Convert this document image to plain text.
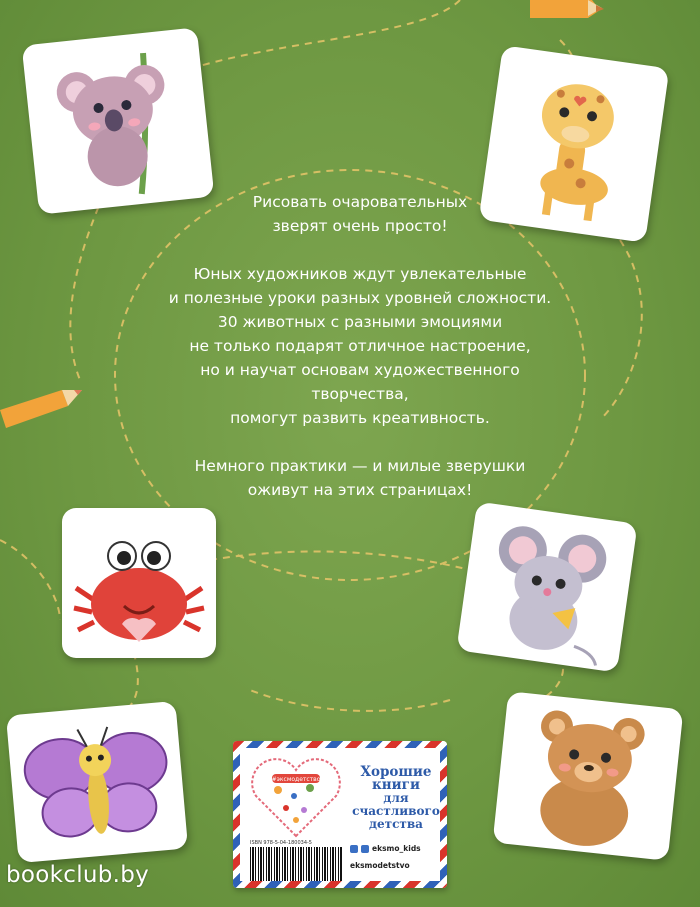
Рисовать очаровательных
зверят очень просто!

Юных художников ждут увлекательные
и полезные уроки разных уровней сложности.
30 животных с разными эмоциями
не только подарят отличное настроение,
но и научат основам художественного творчества,
помогут развить креативность.

Немного практики — и милые зверушки
оживут на этих страницах!

#эксмодетство	Хорошие
книги
для счастливого
детства
ISBN 978-5-04-180034-5
eksmo_kids
eksmodetstvo
bookclub.by
